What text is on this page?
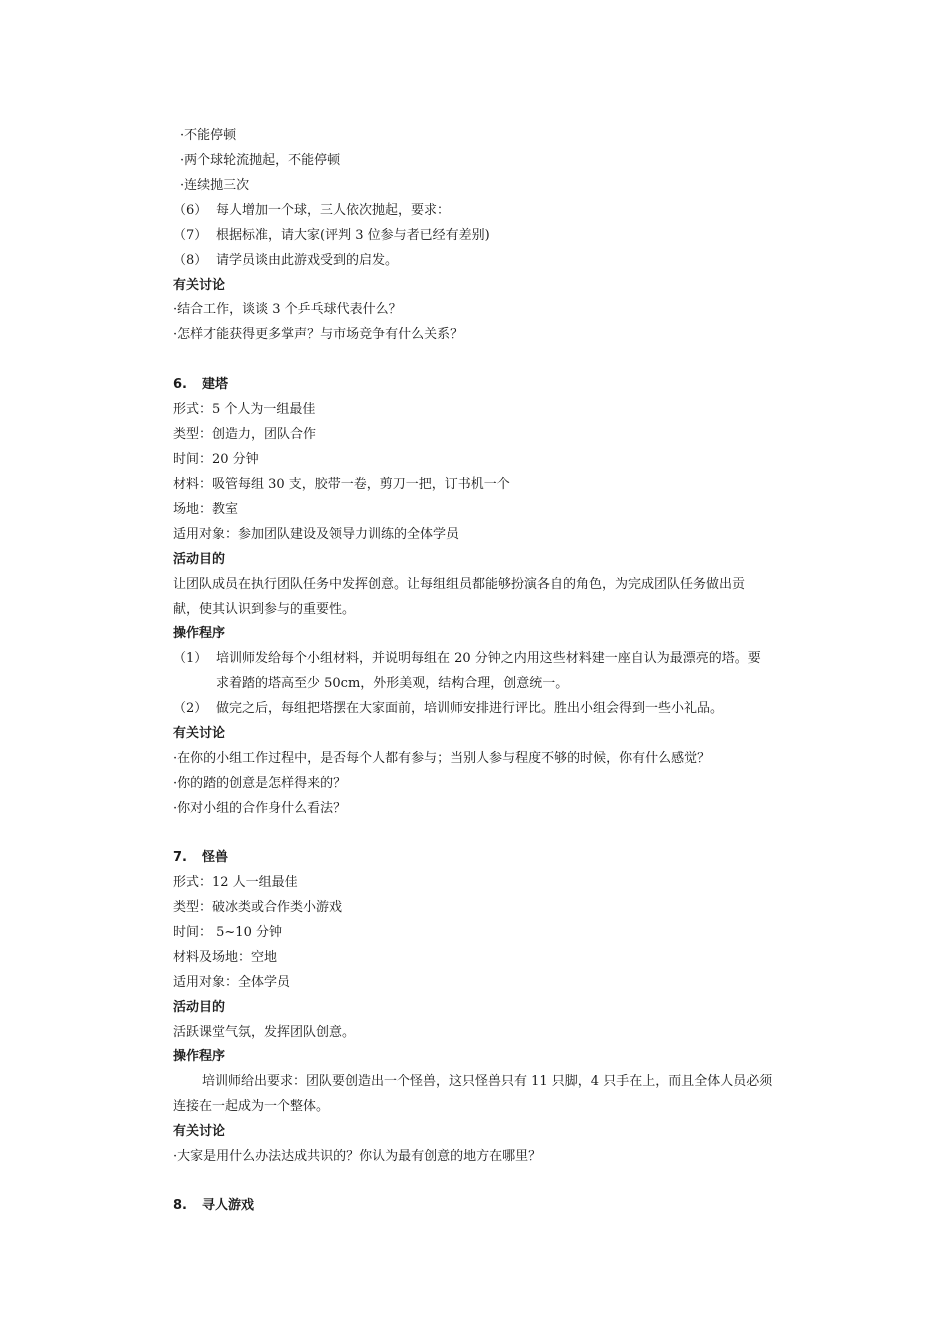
·不能停顿
·两个球轮流抛起，不能停顿
·连续抛三次
（6） 每人增加一个球，三人依次抛起，要求：
（7） 根据标准，请大家(评判 3 位参与者已经有差别)
（8） 请学员谈由此游戏受到的启发。
有关讨论
·结合工作，谈谈 3 个乒乓球代表什么？
·怎样才能获得更多掌声？与市场竞争有什么关系？
6. 建塔
形式：5 个人为一组最佳
类型：创造力，团队合作
时间：20 分钟
材料：吸管每组 30 支，胶带一卷，剪刀一把，订书机一个
场地：教室
适用对象：参加团队建设及领导力训练的全体学员
活动目的
让团队成员在执行团队任务中发挥创意。让每组组员都能够扮演各自的角色，为完成团队任务做出贡
献，使其认识到参与的重要性。
操作程序
（1） 培训师发给每个小组材料，并说明每组在 20 分钟之内用这些材料建一座自认为最漂亮的塔。要
求着踏的塔高至少 50cm，外形美观，结构合理，创意统一。
（2） 做完之后，每组把塔摆在大家面前，培训师安排进行评比。胜出小组会得到一些小礼品。
有关讨论
·在你的小组工作过程中，是否每个人都有参与；当别人参与程度不够的时候，你有什么感觉？
·你的踏的创意是怎样得来的？
·你对小组的合作身什么看法？
7. 怪兽
形式：12 人一组最佳
类型：破冰类或合作类小游戏
时间： 5~10 分钟
材料及场地：空地
适用对象：全体学员
活动目的
活跃课堂气氛，发挥团队创意。
操作程序
培训师给出要求：团队要创造出一个怪兽，这只怪兽只有 11 只脚，4 只手在上，而且全体人员必须
连接在一起成为一个整体。
有关讨论
·大家是用什么办法达成共识的？你认为最有创意的地方在哪里？
8. 寻人游戏
